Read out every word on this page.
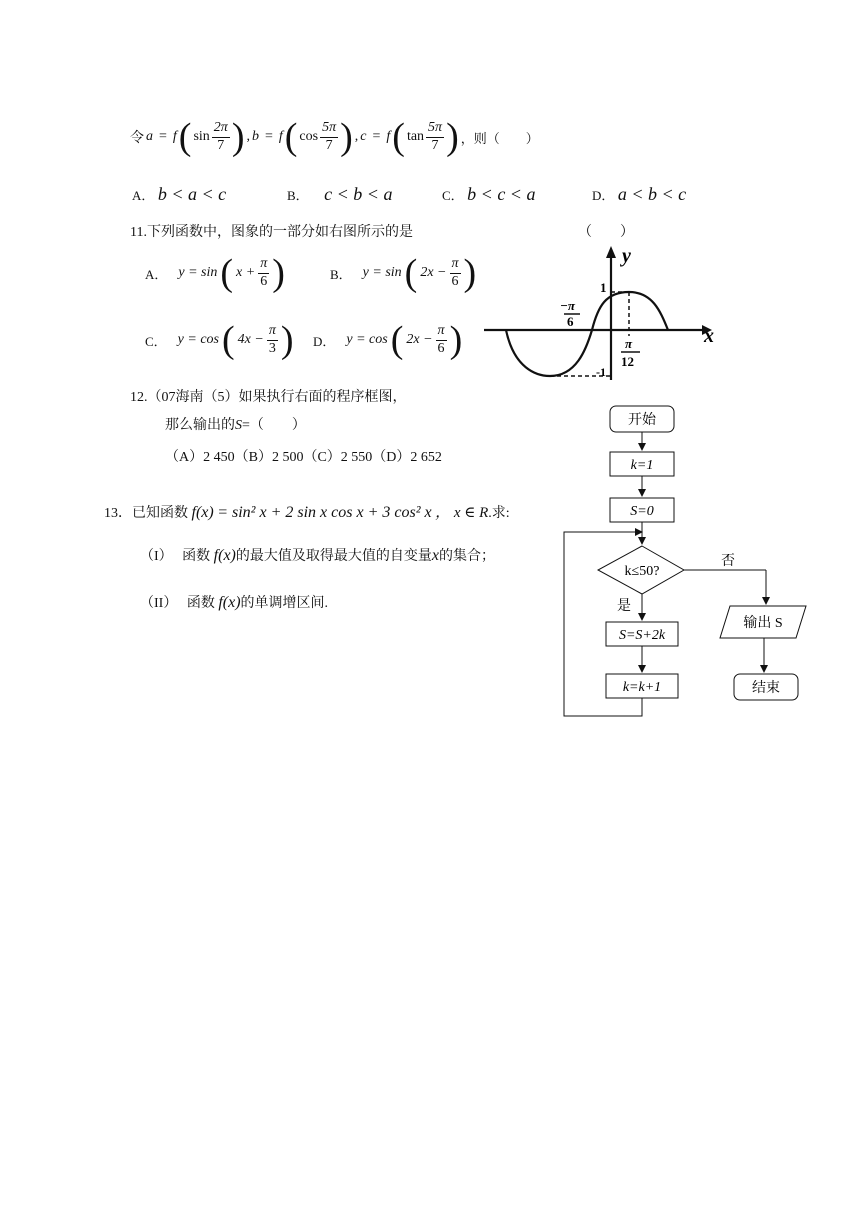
令 a = f ( $\sin \frac{2\pi}{7}$ ) , b = f ( $\cos \frac{5\pi}{7}$ ) , c = f ( $\tan \frac{5\pi}{7}$ ) ，则（　　）
A． b < a < c	B． c < b < a	C． b < c < a	D． a < b < c
11.下列函数中，图象的一部分如右图所示的是	（　　）
A． y = sin ( $x + \frac{\pi}{6}$ )	B． y = sin ( $2x - \frac{\pi}{6}$ )
C． y = cos ( $4x - \frac{\pi}{3}$ ) D． y = cos ( $2x - \frac{\pi}{6}$ )
y
x
1
-1
−π
6
π
12
12.（07海南（5）如果执行右面的程序框图，
那么输出的S=（　　）
（A）2 450（B）2 500（C）2 550（D）2 652
开始
k=1
S=0
k≤50?
否
输出 S
结束
是
S=S+2k
k=k+1
13．已知函数 f(x) = sin² x + 2 sin x cos x + 3 cos² x ， x ∈ R.求:
（I） 函数 f(x)的最大值及取得最大值的自变量x的集合；
（II） 函数 f(x)的单调增区间.
